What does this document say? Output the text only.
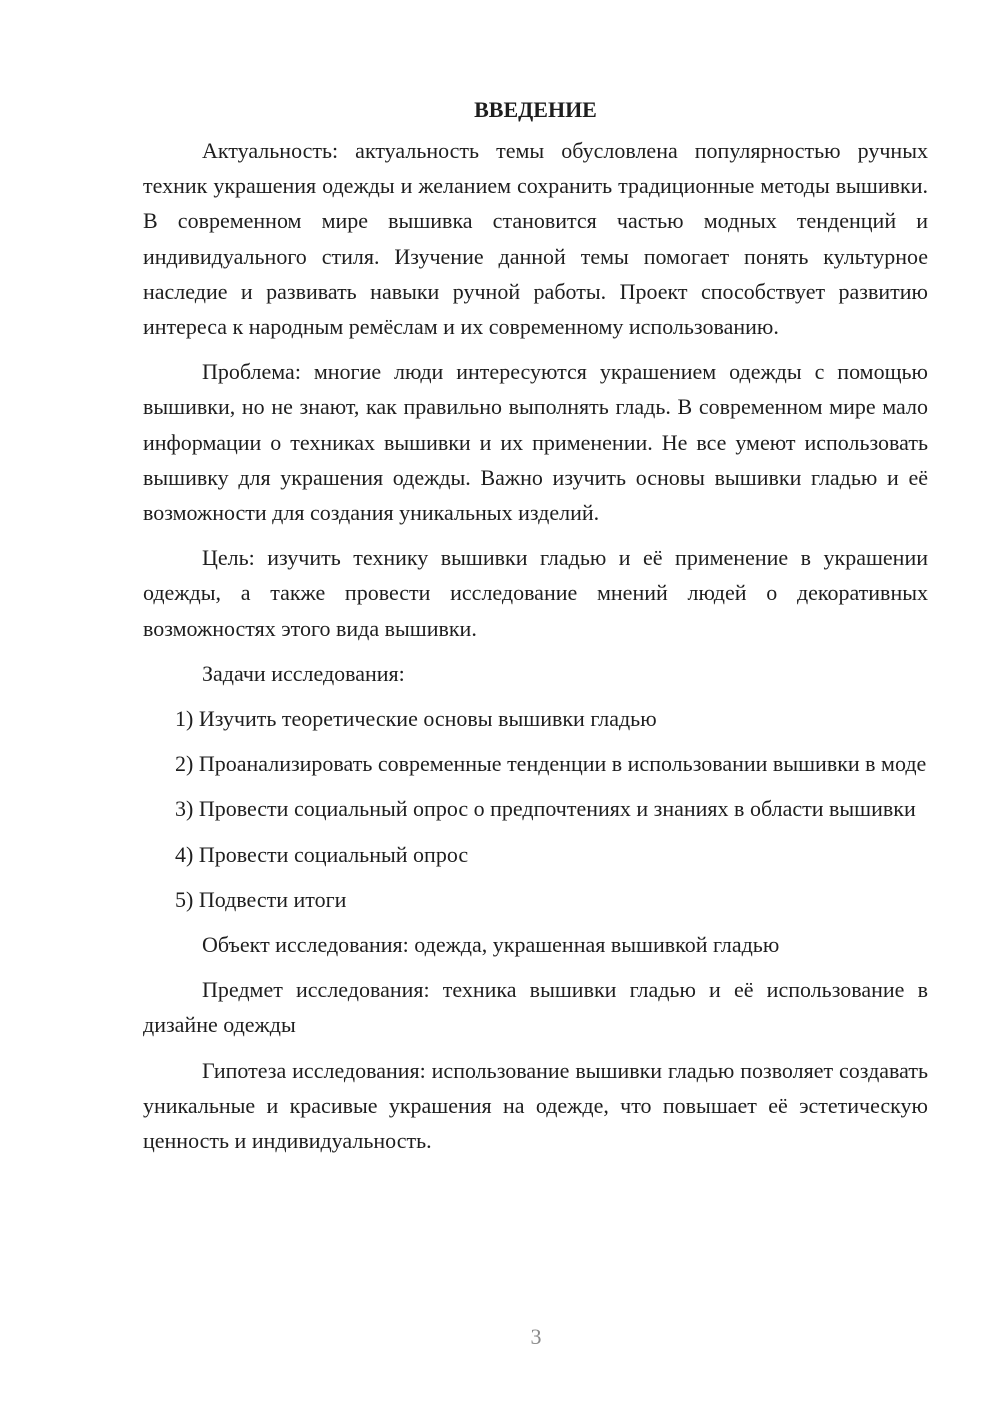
ВВЕДЕНИЕ

Актуальность: актуальность темы обусловлена популярностью ручных техник украшения одежды и желанием сохранить традиционные методы вышивки. В современном мире вышивка становится частью модных тенденций и индивидуального стиля. Изучение данной темы помогает понять культурное наследие и развивать навыки ручной работы. Проект способствует развитию интереса к народным ремёслам и их современному использованию.

Проблема: многие люди интересуются украшением одежды с помощью вышивки, но не знают, как правильно выполнять гладь. В современном мире мало информации о техниках вышивки и их применении. Не все умеют использовать вышивку для украшения одежды. Важно изучить основы вышивки гладью и её возможности для создания уникальных изделий.

Цель: изучить технику вышивки гладью и её применение в украшении одежды, а также провести исследование мнений людей о декоративных возможностях этого вида вышивки.

Задачи исследования:

1) Изучить теоретические основы вышивки гладью

2) Проанализировать современные тенденции в использовании вышивки в моде

3) Провести социальный опрос о предпочтениях и знаниях в области вышивки

4) Провести социальный опрос

5) Подвести итоги

Объект исследования: одежда, украшенная вышивкой гладью

Предмет исследования: техника вышивки гладью и её использование в дизайне одежды

Гипотеза исследования: использование вышивки гладью позволяет создавать уникальные и красивые украшения на одежде, что повышает её эстетическую ценность и индивидуальность.

3
